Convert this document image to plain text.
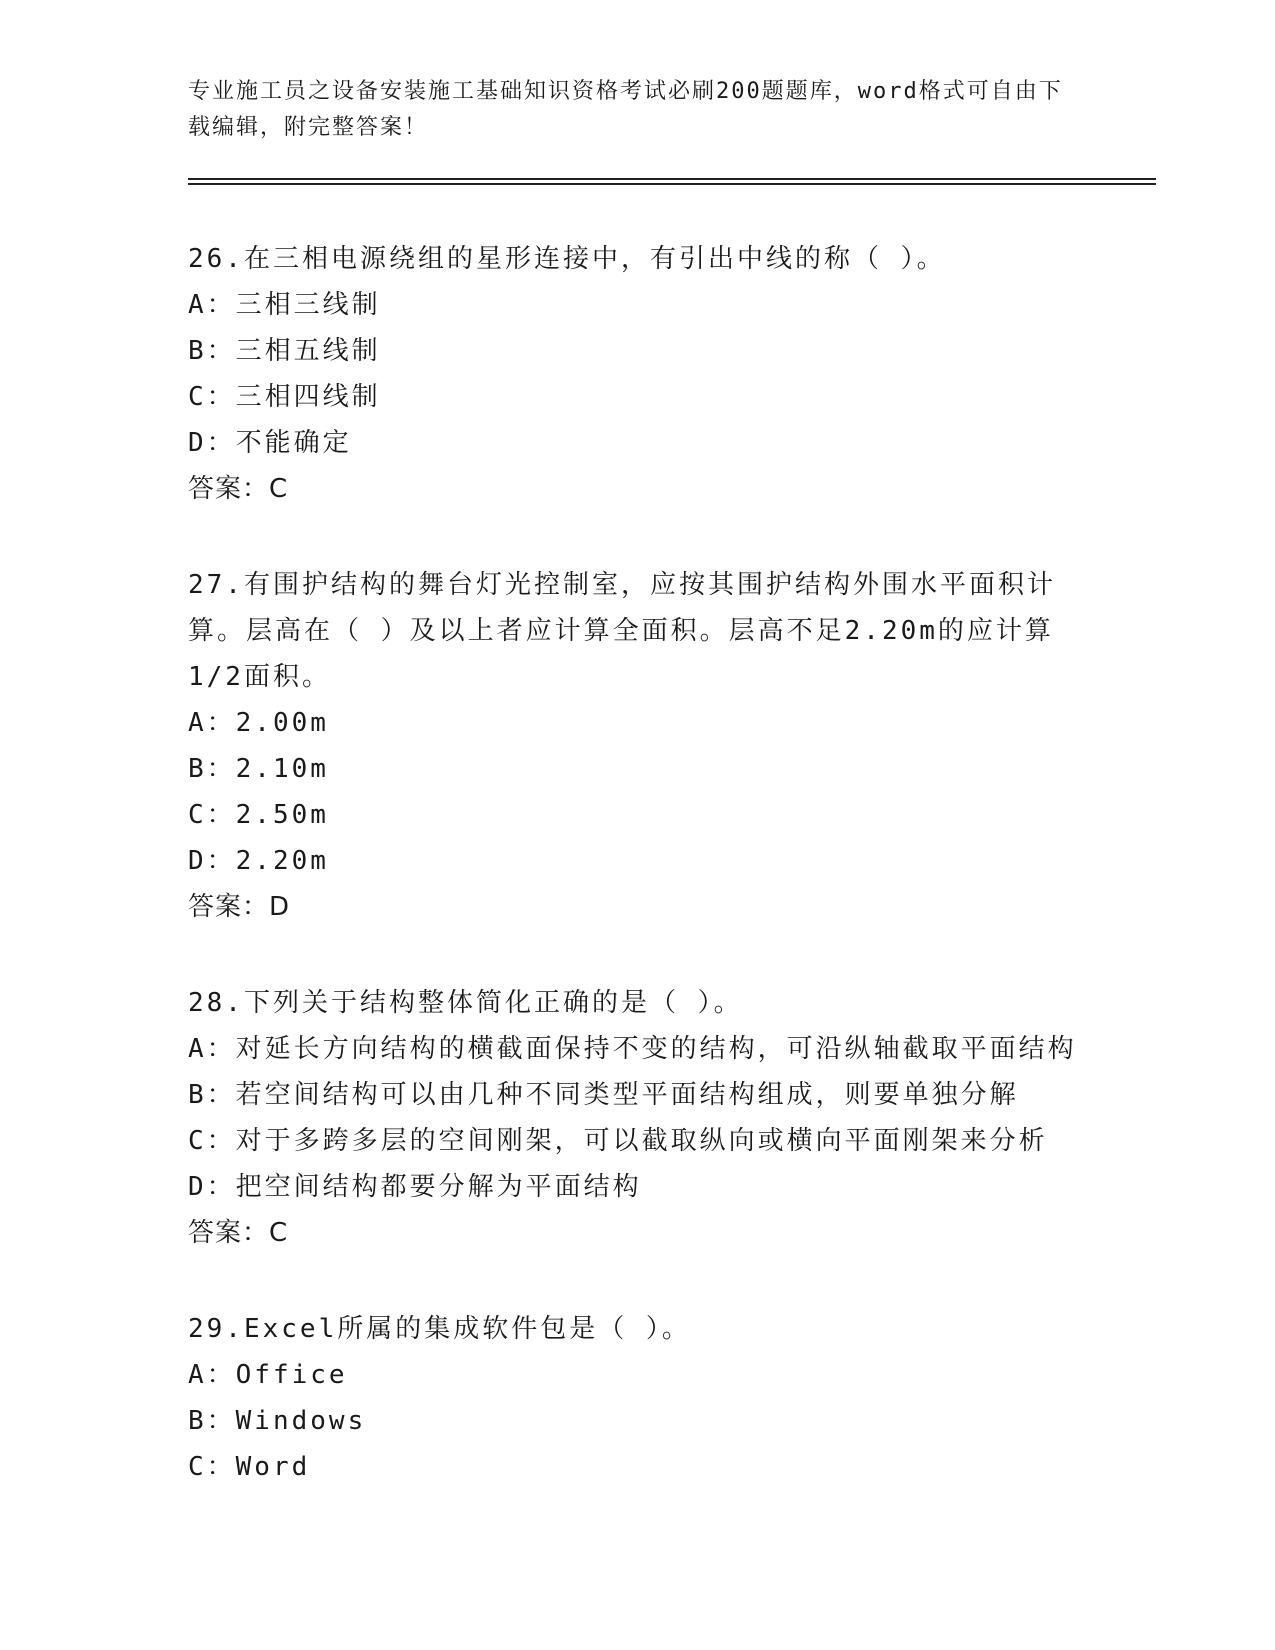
专业施工员之设备安装施工基础知识资格考试必刷200题题库，word格式可自由下载编辑，附完整答案！

26.在三相电源绕组的星形连接中，有引出中线的称（ ）。

A：三相三线制

B：三相五线制

C：三相四线制

D：不能确定

答案：C

27.有围护结构的舞台灯光控制室，应按其围护结构外围水平面积计算。层高在（ ）及以上者应计算全面积。层高不足2.20m的应计算1/2面积。

A：2.00m

B：2.10m

C：2.50m

D：2.20m

答案：D

28.下列关于结构整体简化正确的是（ ）。

A：对延长方向结构的横截面保持不变的结构，可沿纵轴截取平面结构

B：若空间结构可以由几种不同类型平面结构组成，则要单独分解

C：对于多跨多层的空间刚架，可以截取纵向或横向平面刚架来分析

D：把空间结构都要分解为平面结构

答案：C

29.Excel所属的集成软件包是（ ）。

A：Office

B：Windows

C：Word
